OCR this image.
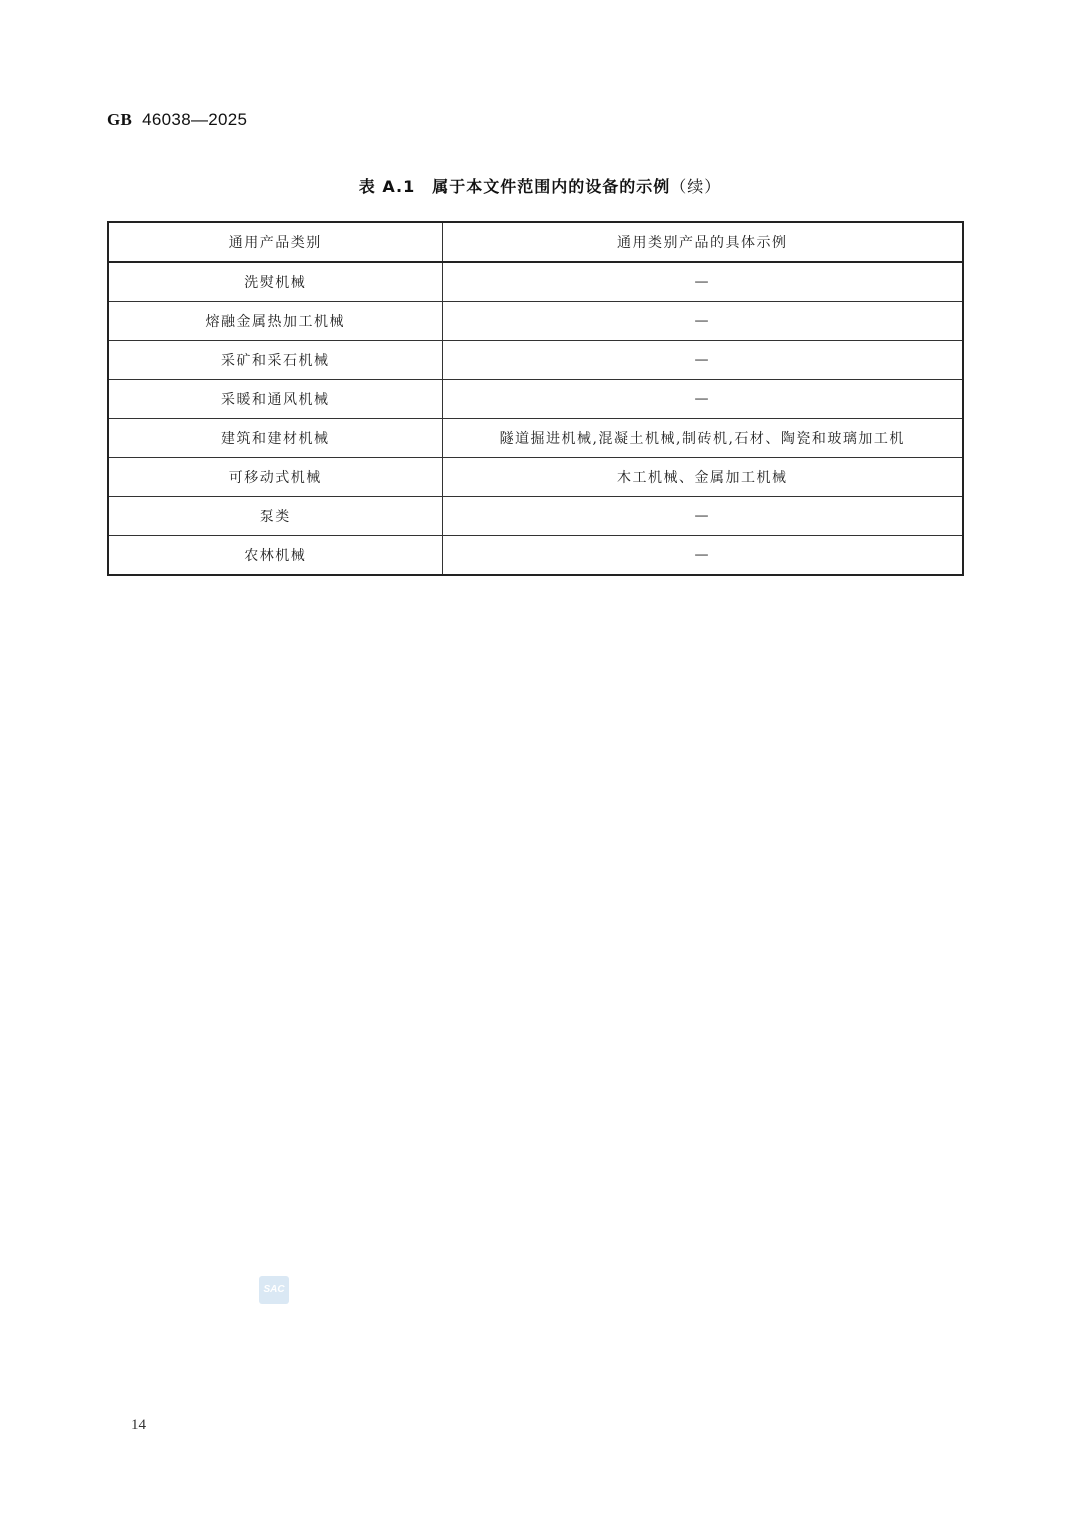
GB 46038—2025
表 A.1　属于本文件范围内的设备的示例（续）
通用产品类别	通用类别产品的具体示例
洗熨机械	—
熔融金属热加工机械	—
采矿和采石机械	—
采暖和通风机械	—
建筑和建材机械	隧道掘进机械,混凝土机械,制砖机,石材、陶瓷和玻璃加工机
可移动式机械	木工机械、金属加工机械
泵类	—
农林机械	—
SAC
14
